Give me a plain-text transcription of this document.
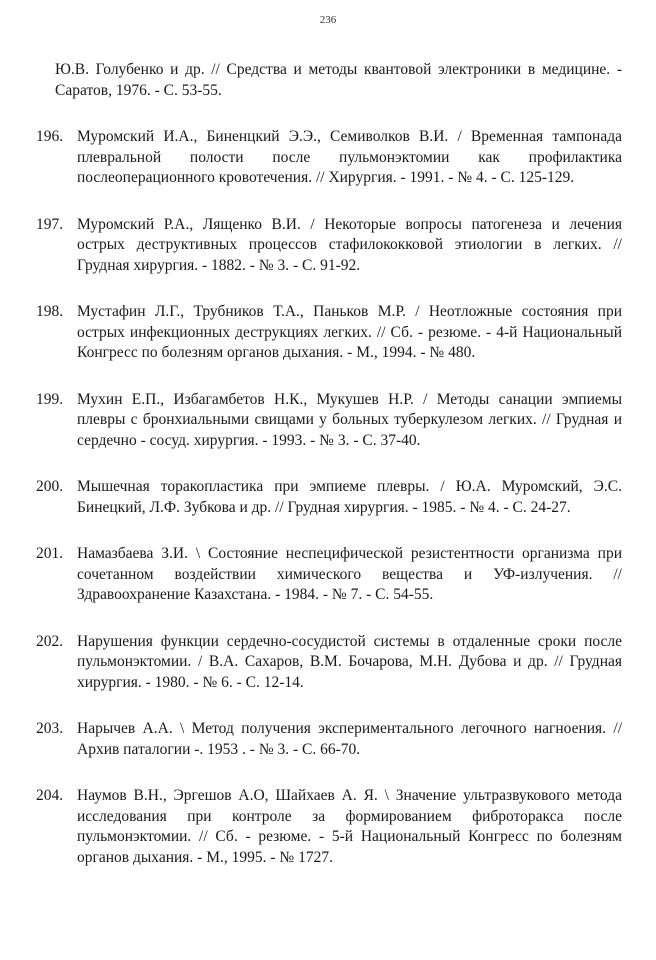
236
Ю.В. Голубенко и др. // Средства и методы квантовой электроники в медицине. - Саратов, 1976. - С. 53-55.
196. Муромский И.А., Биненцкий Э.Э., Семиволков В.И. / Временная тампонада плевральной полости после пульмонэктомии как профилактика послеоперационного кровотечения. // Хирургия. - 1991. - № 4. - С. 125-129.
197. Муромский Р.А., Лященко В.И. / Некоторые вопросы патогенеза и лечения острых деструктивных процессов стафилококковой этиологии в легких. // Грудная хирургия. - 1882. - № 3. - С. 91-92.
198. Мустафин Л.Г., Трубников Т.А., Паньков М.Р. / Неотложные состояния при острых инфекционных деструкциях легких. // Сб. - резюме. - 4-й Национальный Конгресс по болезням органов дыхания. - М., 1994. - № 480.
199. Мухин Е.П., Избагамбетов Н.К., Мукушев Н.Р. / Методы санации эмпиемы плевры с бронхиальными свищами у больных туберкулезом легких. // Грудная и сердечно - сосуд. хирургия. - 1993. - № 3. - С. 37-40.
200. Мышечная торакопластика при эмпиеме плевры. / Ю.А. Муромский, Э.С. Бинецкий, Л.Ф. Зубкова и др. // Грудная хирургия. - 1985. - № 4. - С. 24-27.
201. Намазбаева З.И. \ Состояние неспецифической резистентности организма при сочетанном воздействии химического вещества и УФ-излучения. // Здравоохранение Казахстана. - 1984. - № 7. - С. 54-55.
202. Нарушения функции сердечно-сосудистой системы в отдаленные сроки после пульмонэктомии. / В.А. Сахаров, В.М. Бочарова, М.Н. Дубова и др. // Грудная хирургия. - 1980. - № 6. - С. 12-14.
203. Нарычев А.А. \ Метод получения экспериментального легочного нагноения. // Архив паталогии -. 1953 . - № 3. - С. 66-70.
204. Наумов В.Н., Эргешов А.О, Шайхаев А. Я. \ Значение ультразвукового метода исследования при контроле за формированием фиброторакса после пульмонэктомии. // Сб. - резюме. - 5-й Национальный Конгресс по болезням органов дыхания. - М., 1995. - № 1727.
